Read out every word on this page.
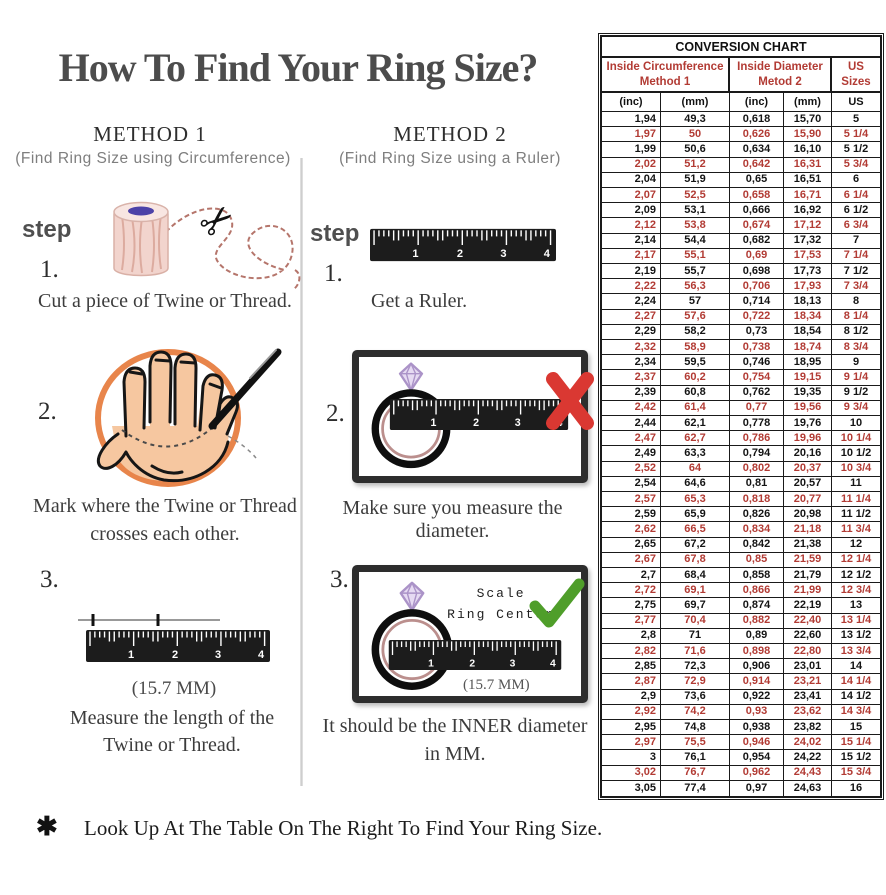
How To Find Your Ring Size?
METHOD 1
(Find Ring Size using Circumference)
METHOD 2
(Find Ring Size using a Ruler)
step	✂
1.
Cut a piece of Twine or Thread.
2.
Mark where the Twine or Thread
crosses each other.
3.
(15.7 MM)
Measure the length of the
Twine or Thread.
step
1.
Get a Ruler.
2.
Make sure you measure the diameter.
3.
Scale
Ring Center
(15.7 MM)
It should be the INNER diameter
in MM.
✱ Look Up At The Table On The Right To Find Your Ring Size.
CONVERSION CHART
Inside Circumference
Method 1
Inside Diameter
Metod 2
US Sizes
(inc)	(mm)	(inc)	(mm)	US
1,94	49,3	0,618	15,70	5
1,97	50	0,626	15,90	5 1/4
1,99	50,6	0,634	16,10	5 1/2
2,02	51,2	0,642	16,31	5 3/4
2,04	51,9	0,65	16,51	6
2,07	52,5	0,658	16,71	6 1/4
2,09	53,1	0,666	16,92	6 1/2
2,12	53,8	0,674	17,12	6 3/4
2,14	54,4	0,682	17,32	7
2,17	55,1	0,69	17,53	7 1/4
2,19	55,7	0,698	17,73	7 1/2
2,22	56,3	0,706	17,93	7 3/4
2,24	57	0,714	18,13	8
2,27	57,6	0,722	18,34	8 1/4
2,29	58,2	0,73	18,54	8 1/2
2,32	58,9	0,738	18,74	8 3/4
2,34	59,5	0,746	18,95	9
2,37	60,2	0,754	19,15	9 1/4
2,39	60,8	0,762	19,35	9 1/2
2,42	61,4	0,77	19,56	9 3/4
2,44	62,1	0,778	19,76	10
2,47	62,7	0,786	19,96	10 1/4
2,49	63,3	0,794	20,16	10 1/2
2,52	64	0,802	20,37	10 3/4
2,54	64,6	0,81	20,57	11
2,57	65,3	0,818	20,77	11 1/4
2,59	65,9	0,826	20,98	11 1/2
2,62	66,5	0,834	21,18	11 3/4
2,65	67,2	0,842	21,38	12
2,67	67,8	0,85	21,59	12 1/4
2,7	68,4	0,858	21,79	12 1/2
2,72	69,1	0,866	21,99	12 3/4
2,75	69,7	0,874	22,19	13
2,77	70,4	0,882	22,40	13 1/4
2,8	71	0,89	22,60	13 1/2
2,82	71,6	0,898	22,80	13 3/4
2,85	72,3	0,906	23,01	14
2,87	72,9	0,914	23,21	14 1/4
2,9	73,6	0,922	23,41	14 1/2
2,92	74,2	0,93	23,62	14 3/4
2,95	74,8	0,938	23,82	15
2,97	75,5	0,946	24,02	15 1/4
3	76,1	0,954	24,22	15 1/2
3,02	76,7	0,962	24,43	15 3/4
3,05	77,4	0,97	24,63	16
